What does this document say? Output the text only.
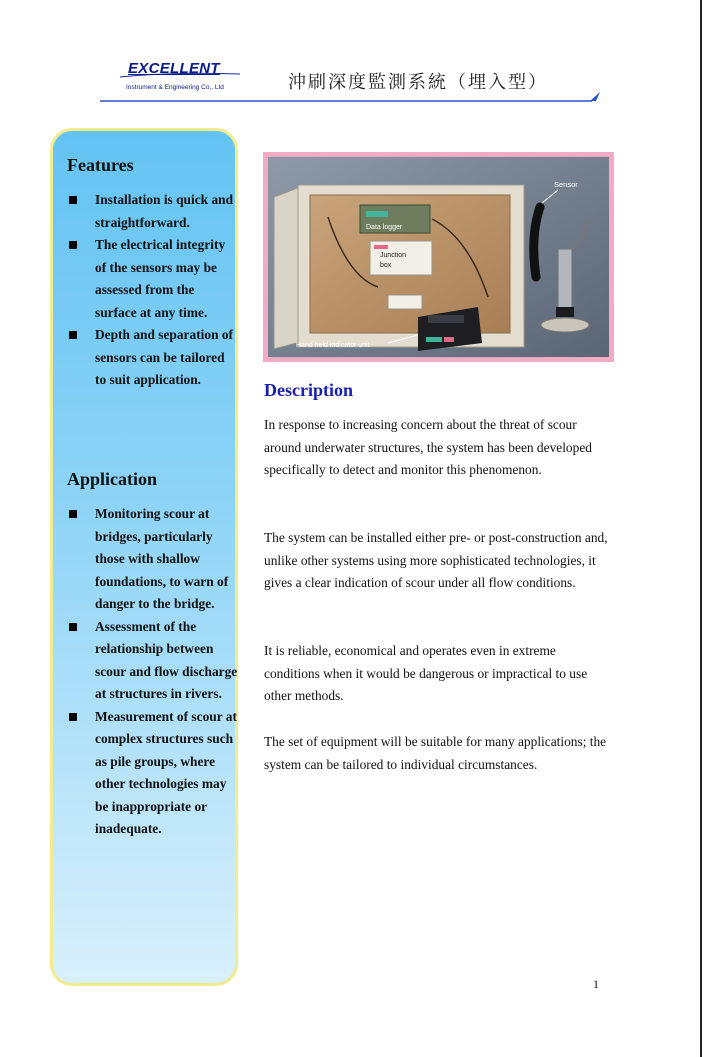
EXCELLENT
Instrument & Engineering Co., Ltd	沖刷深度監測系統（埋入型）
Features
Installation is quick and straightforward.
The electrical integrity of the sensors may be assessed from the surface at any time.
Depth and separation of sensors can be tailored to suit application.
Application
Monitoring scour at bridges, particularly those with shallow foundations, to warn of danger to the bridge.
Assessment of the relationship between scour and flow discharge at structures in rivers.
Measurement of scour at complex structures such as pile groups, where other technologies may be inappropriate or inadequate.
Data logger
Junction
box
Hand held indicator unit
Sensor
Description

In response to increasing concern about the threat of scour around underwater structures, the system has been developed specifically to detect and monitor this phenomenon.

The system can be installed either pre- or post-construction and, unlike other systems using more sophisticated technologies, it gives a clear indication of scour under all flow conditions.

It is reliable, economical and operates even in extreme conditions when it would be dangerous or impractical to use other methods.

The set of equipment will be suitable for many applications; the system can be tailored to individual circumstances.

1
